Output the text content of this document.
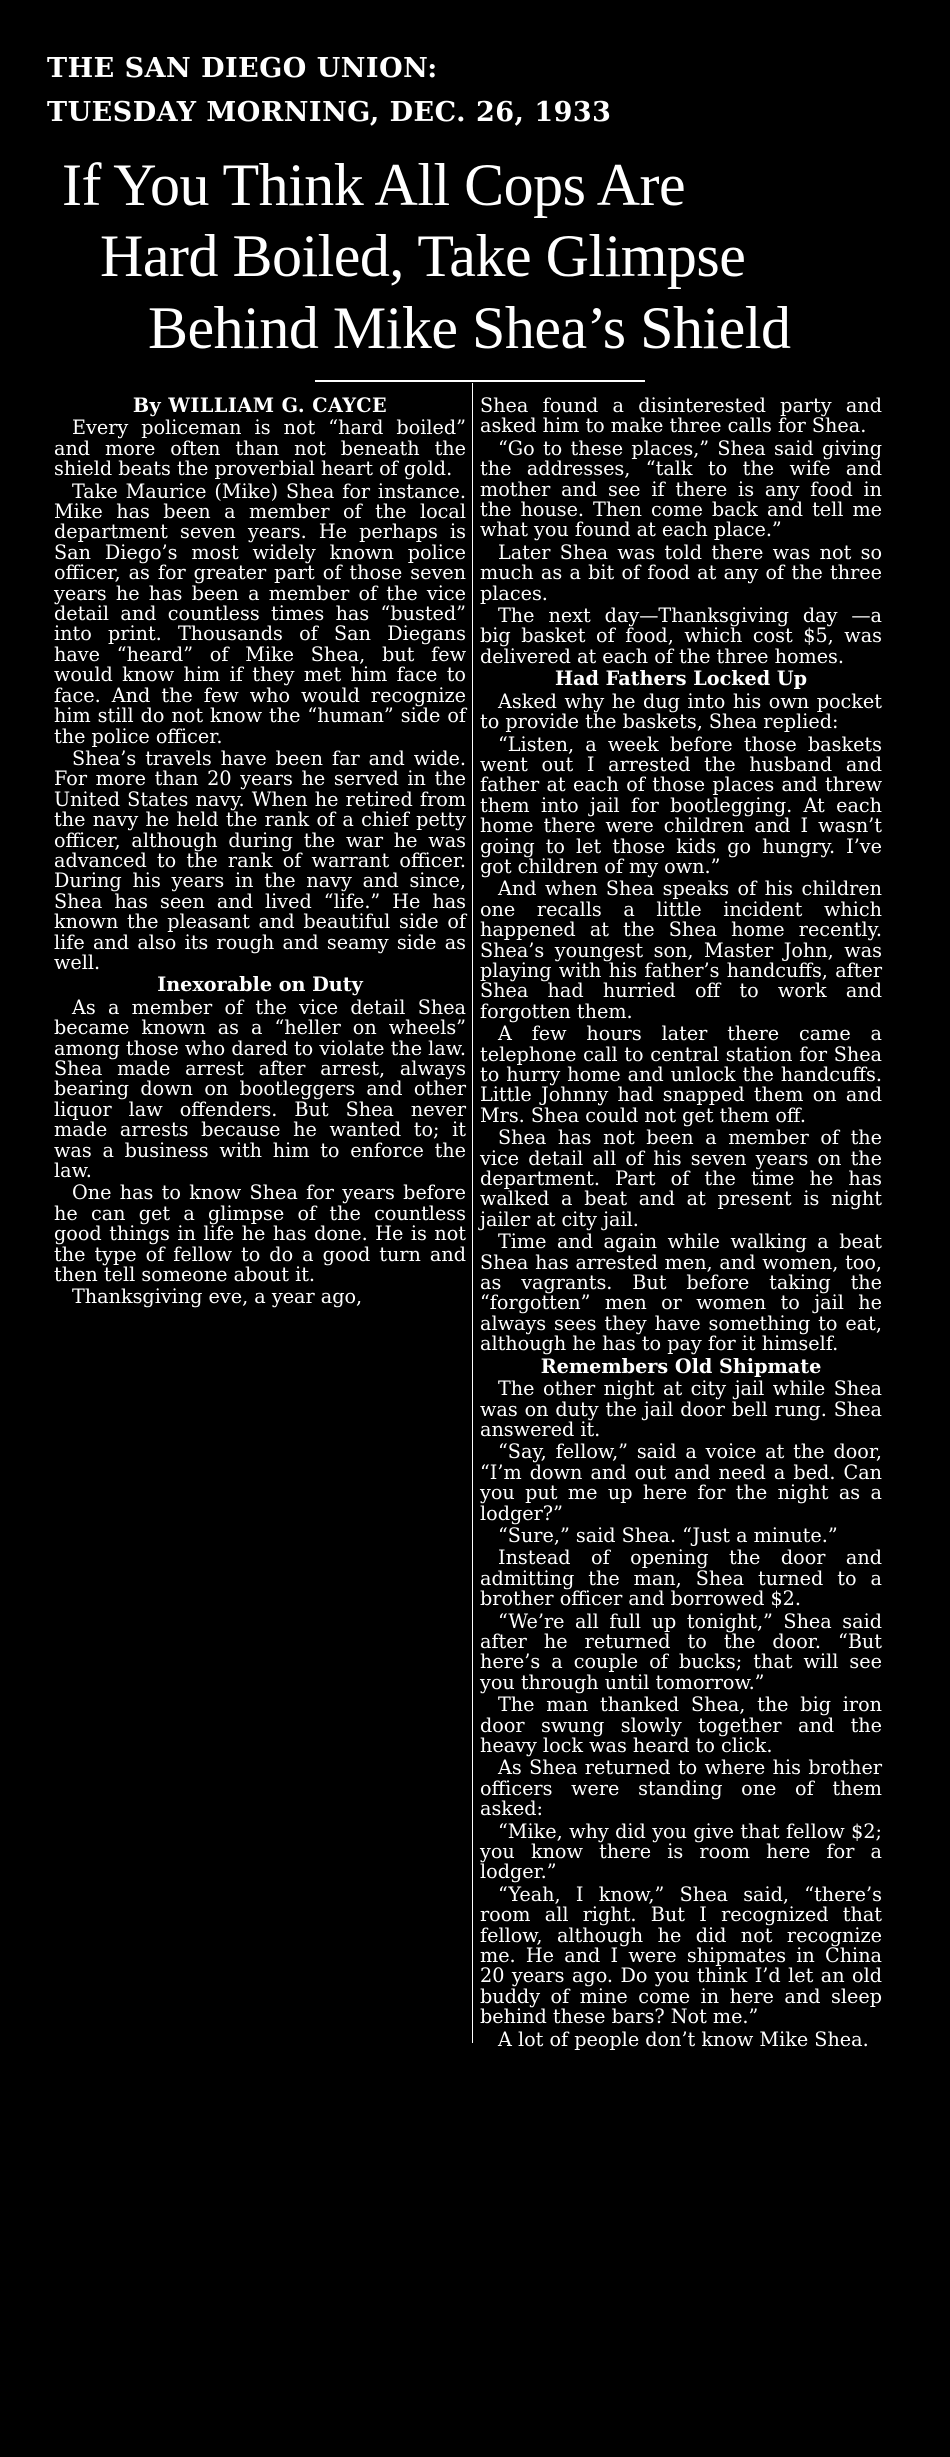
THE SAN DIEGO UNION:
TUESDAY MORNING, DEC. 26, 1933
If You Think All Cops Are
Hard Boiled, Take Glimpse
Behind Mike Shea’s Shield

By WILLIAM G. CAYCE

Every policeman is not “hard boiled” and more often than not beneath the shield beats the proverbial heart of gold.

Take Maurice (Mike) Shea for instance. Mike has been a member of the local department seven years. He perhaps is San Diego’s most widely known police officer, as for greater part of those seven years he has been a member of the vice detail and countless times has “busted” into print. Thousands of San Diegans have “heard” of Mike Shea, but few would know him if they met him face to face. And the few who would recognize him still do not know the “human” side of the police officer.

Shea’s travels have been far and wide. For more than 20 years he served in the United States navy. When he retired from the navy he held the rank of a chief petty officer, although during the war he was advanced to the rank of warrant officer. During his years in the navy and since, Shea has seen and lived “life.” He has known the pleasant and beautiful side of life and also its rough and seamy side as well.

Inexorable on Duty

As a member of the vice detail Shea became known as a “heller on wheels” among those who dared to violate the law. Shea made arrest after arrest, always bearing down on bootleggers and other liquor law offenders. But Shea never made arrests because he wanted to; it was a business with him to enforce the law.

One has to know Shea for years before he can get a glimpse of the countless good things in life he has done. He is not the type of fellow to do a good turn and then tell someone about it.

Thanksgiving eve, a year ago,

Shea found a disinterested party and asked him to make three calls for Shea.

“Go to these places,” Shea said giving the addresses, “talk to the wife and mother and see if there is any food in the house. Then come back and tell me what you found at each place.”

Later Shea was told there was not so much as a bit of food at any of the three places.

The next day—Thanksgiving day —a big basket of food, which cost $5, was delivered at each of the three homes.

Had Fathers Locked Up

Asked why he dug into his own pocket to provide the baskets, Shea replied:

“Listen, a week before those baskets went out I arrested the husband and father at each of those places and threw them into jail for bootlegging. At each home there were children and I wasn’t going to let those kids go hungry. I’ve got children of my own.”

And when Shea speaks of his children one recalls a little incident which happened at the Shea home recently. Shea’s youngest son, Master John, was playing with his father’s handcuffs, after Shea had hurried off to work and forgotten them.

A few hours later there came a telephone call to central station for Shea to hurry home and unlock the handcuffs. Little Johnny had snapped them on and Mrs. Shea could not get them off.

Shea has not been a member of the vice detail all of his seven years on the department. Part of the time he has walked a beat and at present is night jailer at city jail.

Time and again while walking a beat Shea has arrested men, and women, too, as vagrants. But before taking the “forgotten” men or women to jail he always sees they have something to eat, although he has to pay for it himself.

Remembers Old Shipmate

The other night at city jail while Shea was on duty the jail door bell rung. Shea answered it.

“Say, fellow,” said a voice at the door, “I’m down and out and need a bed. Can you put me up here for the night as a lodger?”

“Sure,” said Shea. “Just a minute.”

Instead of opening the door and admitting the man, Shea turned to a brother officer and borrowed $2.

“We’re all full up tonight,” Shea said after he returned to the door. “But here’s a couple of bucks; that will see you through until tomorrow.”

The man thanked Shea, the big iron door swung slowly together and the heavy lock was heard to click.

As Shea returned to where his brother officers were standing one of them asked:

“Mike, why did you give that fellow $2; you know there is room here for a lodger.”

“Yeah, I know,” Shea said, “there’s room all right. But I recognized that fellow, although he did not recognize me. He and I were shipmates in China 20 years ago. Do you think I’d let an old buddy of mine come in here and sleep behind these bars? Not me.”

A lot of people don’t know Mike Shea.
